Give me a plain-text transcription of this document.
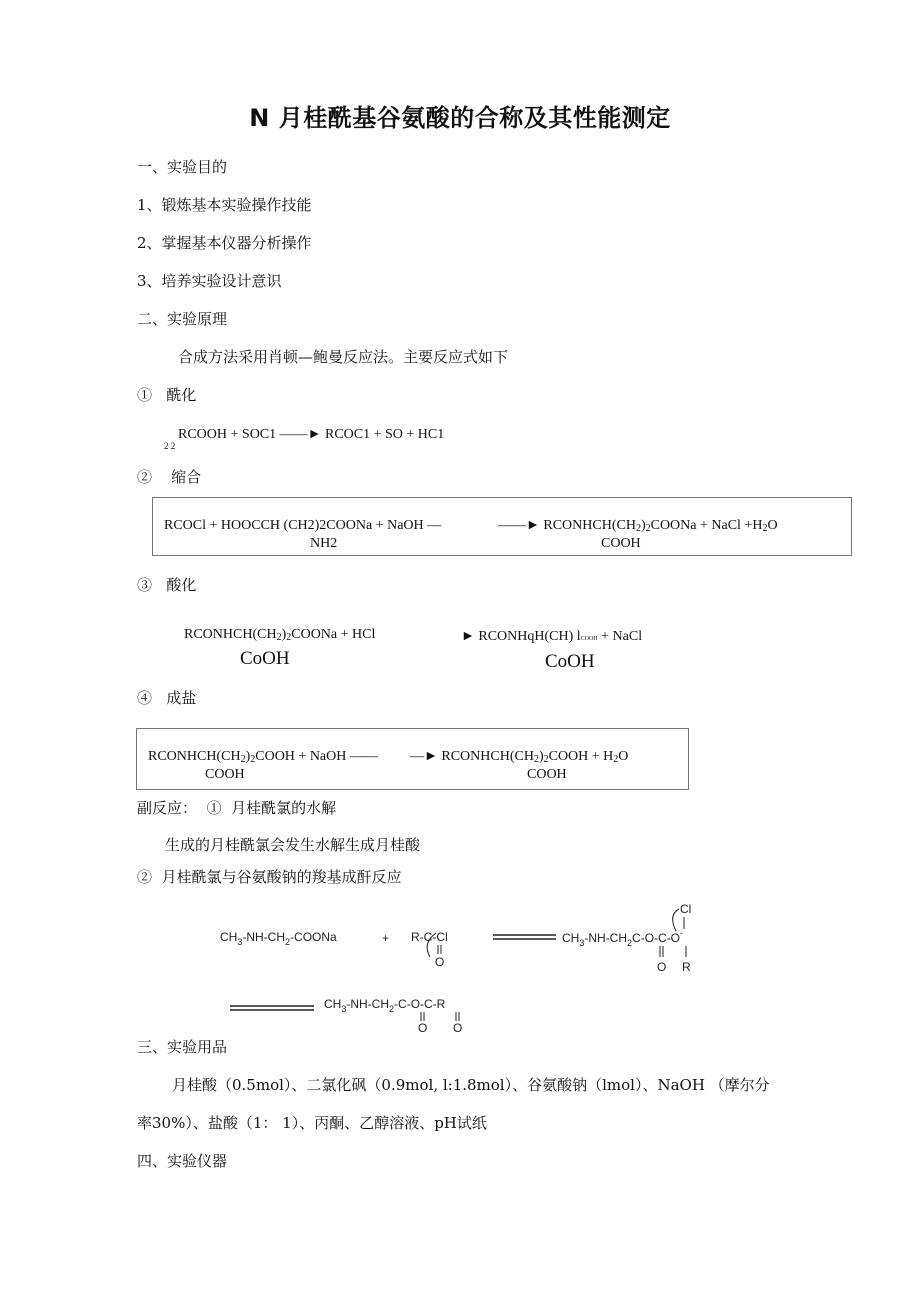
N 月桂酰基谷氨酸的合称及其性能测定
一、实验目的
1、锻炼基本实验操作技能
2、掌握基本仪器分析操作
3、培养实验设计意识
二、实验原理
合成方法采用肖顿—鲍曼反应法。主要反应式如下
① 酰化
2 2
RCOOH + SOC1 ——► RCOC1 + SO + HC1
② 缩合
RCOCl + HOOCCH (CH2)2COONa + NaOH —
NH2
——► $RCONHCH(CH_2)_2COONa$ + NaCl $+H_2O$
COOH
③ 酸化
$RCONHCH(CH_2)_2COONa$ + HCl
CoOH
► RCONHqH(CH) lCOOH + NaCl
CoOH
④ 成盐
$RCONHCH(CH_2)_2COOH$ + NaOH ——
COOH
—► $RCONHCH(CH_2)_2COOH + H_2O$
COOH
副反应： ① 月桂酰氯的水解
生成的月桂酰氯会发生水解生成月桂酸
② 月桂酰氯与谷氨酸钠的羧基成酐反应
$CH_3-NH-CH_2$-COONa	+ R-C-Cl
O
$CH_3-NH-CH_2C-O-C-O^-$
Cl
O R
$CH_3-NH-CH_2-C-O-C-R$
O O
三、实验用品
月桂酸（0.5mol）、二氯化砜（0.9mol, l:1.8mol）、谷氨酸钠（lmol）、NaOH （摩尔分
率30%）、盐酸（1： 1）、丙酮、乙醇溶液、pH试纸
四、实验仪器
